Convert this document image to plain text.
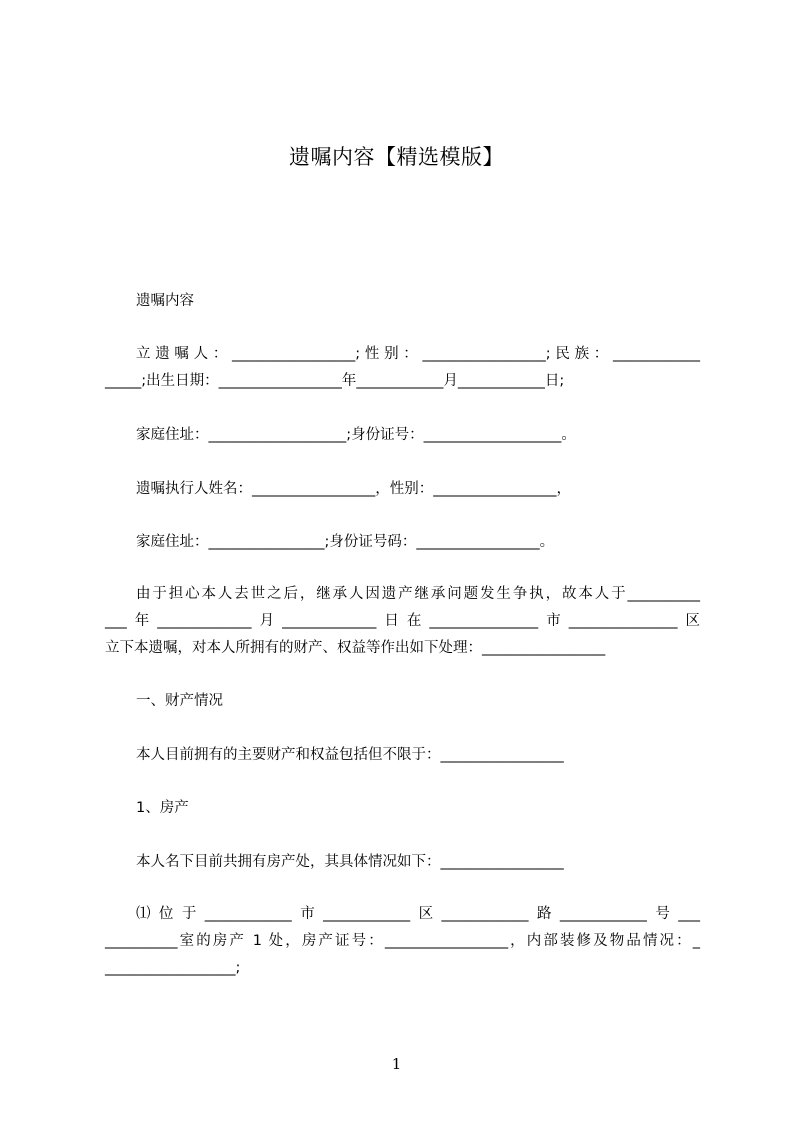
遗嘱内容【精选模版】
遗嘱内容
立遗嘱人：_________________;性别：_________________;民族：____________
_____;出生日期：_________________年____________月____________日;
家庭住址：___________________;身份证号：___________________。
遗嘱执行人姓名：_________________，性别：_________________，
家庭住址：________________;身份证号码：_________________。
由于担心本人去世之后，继承人因遗产继承问题发生争执，故本人于__________
___年_____________月_____________日在_______________市_______________区
立下本遗嘱，对本人所拥有的财产、权益等作出如下处理：_________________
一、财产情况
本人目前拥有的主要财产和权益包括但不限于：_________________
1、房产
本人名下目前共拥有房产处，其具体情况如下：_________________
⑴位于____________市____________区____________路____________号___
__________室的房产 1 处，房产证号：_________________，内部装修及物品情况：_
__________________;
1
